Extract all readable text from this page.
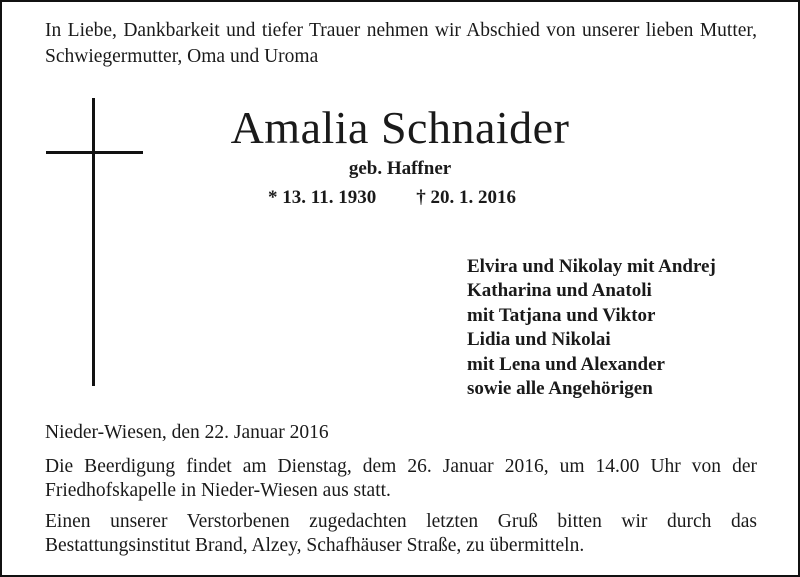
In Liebe, Dankbarkeit und tiefer Trauer nehmen wir Abschied von unserer lieben Mutter, Schwiegermutter, Oma und Uroma
Amalia Schnaider
geb. Haffner
* 13. 11. 1930 † 20. 1. 2016
Elvira und Nikolay mit Andrej
Katharina und Anatoli
mit Tatjana und Viktor
Lidia und Nikolai
mit Lena und Alexander
sowie alle Angehörigen
Nieder-Wiesen, den 22. Januar 2016
Die Beerdigung findet am Dienstag, dem 26. Januar 2016, um 14.00 Uhr von der Friedhofskapelle in Nieder-Wiesen aus statt.
Einen unserer Verstorbenen zugedachten letzten Gruß bitten wir durch das Bestattungsinstitut Brand, Alzey, Schafhäuser Straße, zu übermitteln.
